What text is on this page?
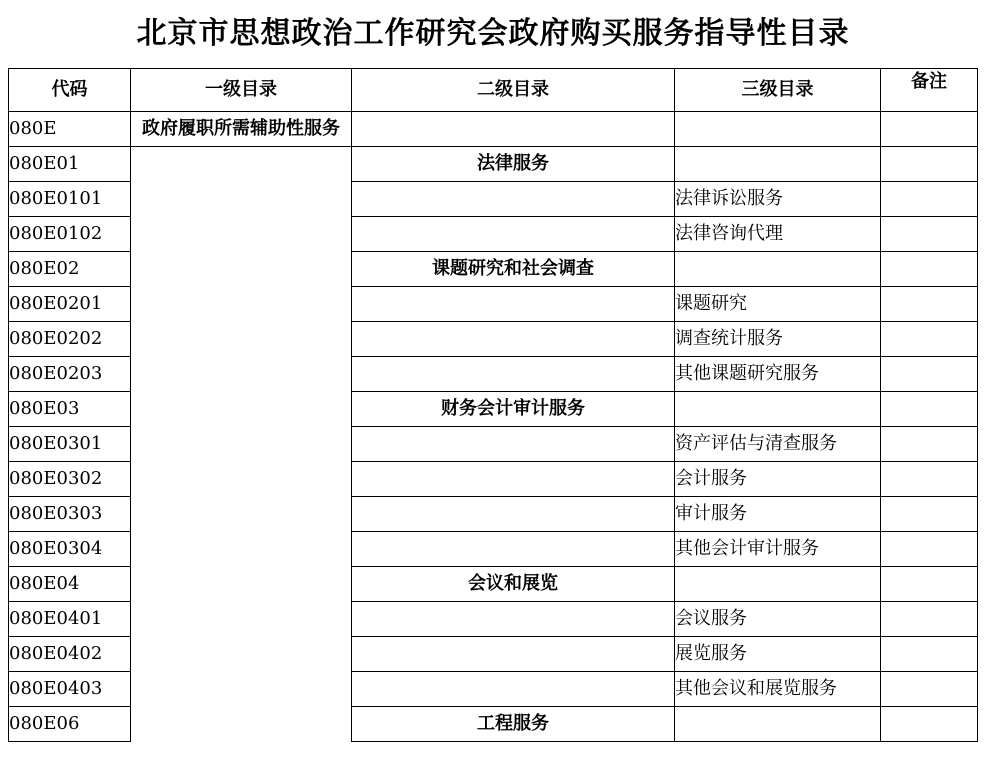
北京市思想政治工作研究会政府购买服务指导性目录
代码	一级目录	二级目录	三级目录	备注
080E	政府履职所需辅助性服务			
080E01		法律服务		
080E0101			法律诉讼服务	
080E0102			法律咨询代理	
080E02		课题研究和社会调查		
080E0201			课题研究	
080E0202			调查统计服务	
080E0203			其他课题研究服务	
080E03		财务会计审计服务		
080E0301			资产评估与清查服务	
080E0302			会计服务	
080E0303			审计服务	
080E0304			其他会计审计服务	
080E04		会议和展览		
080E0401			会议服务	
080E0402			展览服务	
080E0403			其他会议和展览服务	
080E06		工程服务		
